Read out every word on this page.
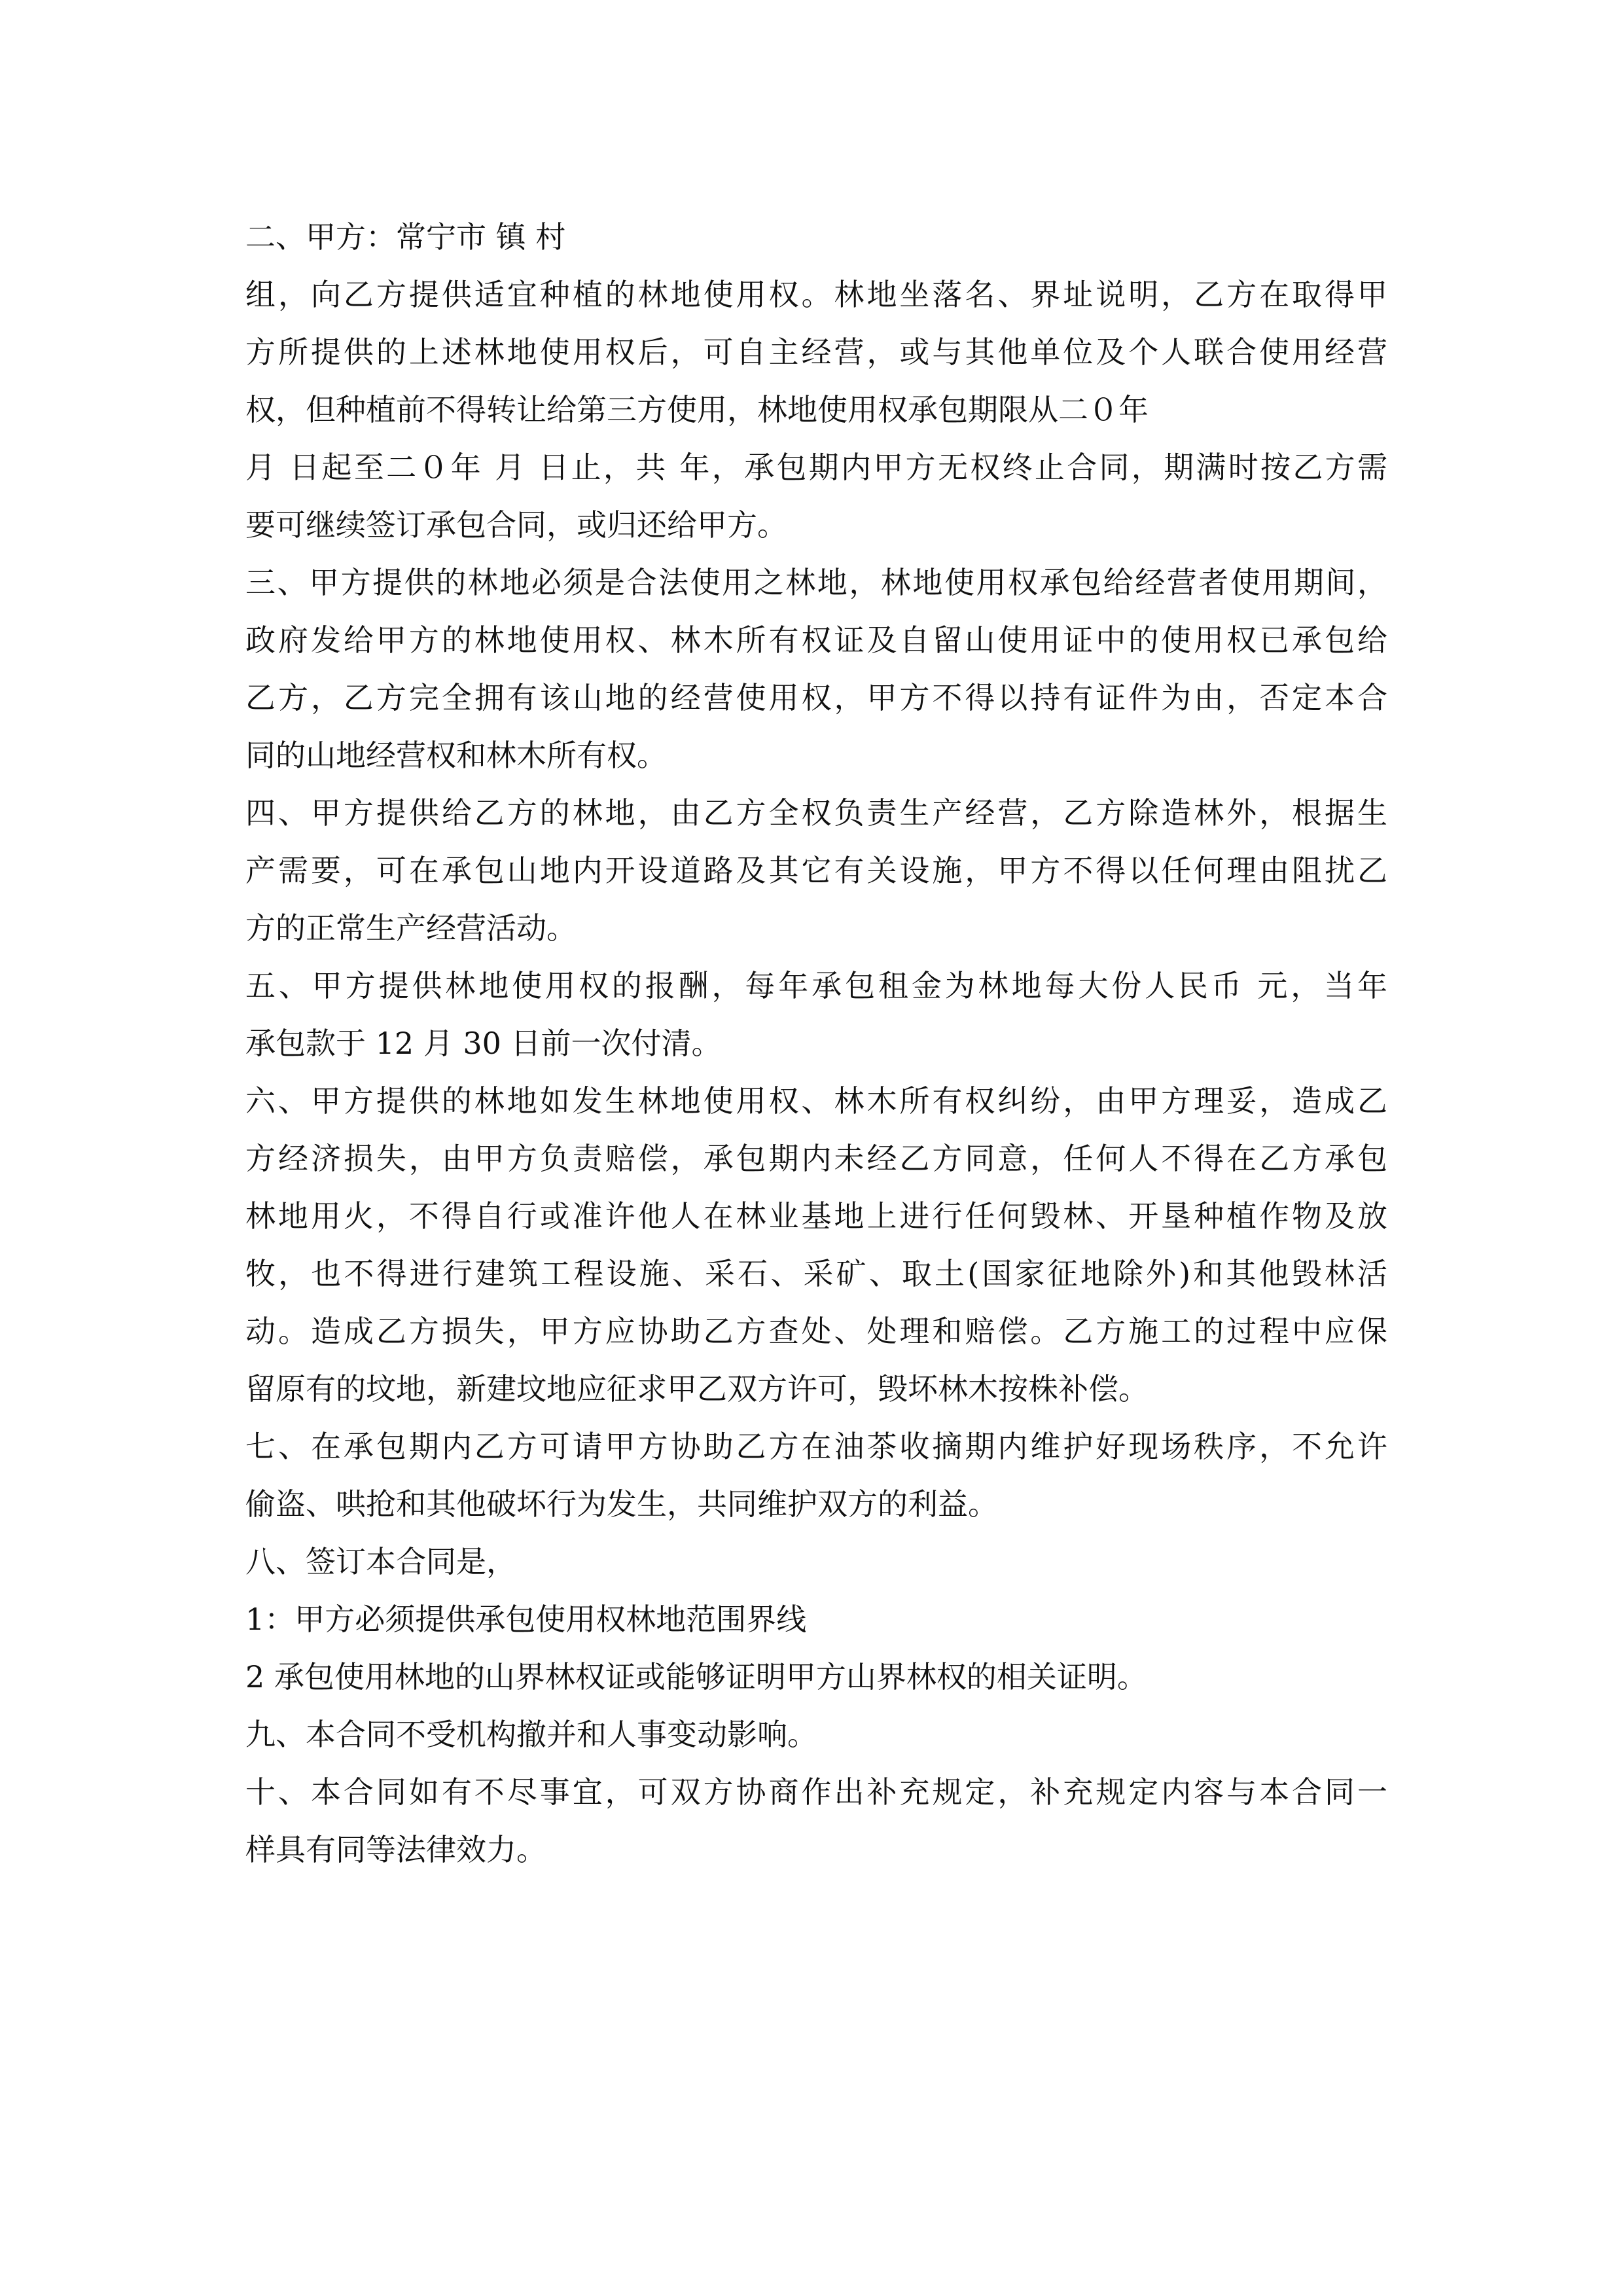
二、甲方：常宁市 镇 村
组，向乙方提供适宜种植的林地使用权。林地坐落名、界址说明，乙方在取得甲
方所提供的上述林地使用权后，可自主经营，或与其他单位及个人联合使用经营
权，但种植前不得转让给第三方使用，林地使用权承包期限从二０年
月 日起至二０年 月 日止，共 年，承包期内甲方无权终止合同，期满时按乙方需
要可继续签订承包合同，或归还给甲方。
三、甲方提供的林地必须是合法使用之林地，林地使用权承包给经营者使用期间，
政府发给甲方的林地使用权、林木所有权证及自留山使用证中的使用权已承包给
乙方，乙方完全拥有该山地的经营使用权，甲方不得以持有证件为由，否定本合
同的山地经营权和林木所有权。
四、甲方提供给乙方的林地，由乙方全权负责生产经营，乙方除造林外，根据生
产需要，可在承包山地内开设道路及其它有关设施，甲方不得以任何理由阻扰乙
方的正常生产经营活动。
五、甲方提供林地使用权的报酬，每年承包租金为林地每大份人民币 元，当年
承包款于 12 月 30 日前一次付清。
六、甲方提供的林地如发生林地使用权、林木所有权纠纷，由甲方理妥，造成乙
方经济损失，由甲方负责赔偿，承包期内未经乙方同意，任何人不得在乙方承包
林地用火，不得自行或准许他人在林业基地上进行任何毁林、开垦种植作物及放
牧，也不得进行建筑工程设施、采石、采矿、取土(国家征地除外)和其他毁林活
动。造成乙方损失，甲方应协助乙方查处、处理和赔偿。乙方施工的过程中应保
留原有的坟地，新建坟地应征求甲乙双方许可，毁坏林木按株补偿。
七、在承包期内乙方可请甲方协助乙方在油茶收摘期内维护好现场秩序，不允许
偷盗、哄抢和其他破坏行为发生，共同维护双方的利益。
八、签订本合同是，
1：甲方必须提供承包使用权林地范围界线
2 承包使用林地的山界林权证或能够证明甲方山界林权的相关证明。
九、本合同不受机构撤并和人事变动影响。
十、本合同如有不尽事宜，可双方协商作出补充规定，补充规定内容与本合同一
样具有同等法律效力。
